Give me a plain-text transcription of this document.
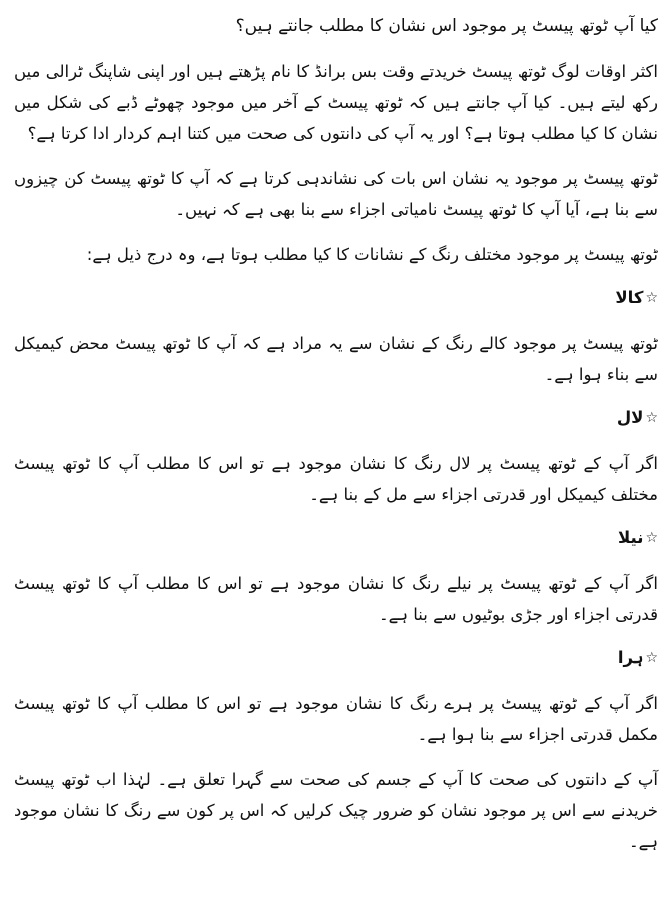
کیا آپ ٹوتھ پیسٹ پر موجود اس نشان کا مطلب جانتے ہیں؟

اکثر اوقات لوگ ٹوتھ پیسٹ خریدتے وقت بس برانڈ کا نام پڑھتے ہیں اور اپنی شاپنگ ٹرالی میں رکھ لیتے ہیں۔ کیا آپ جانتے ہیں کہ ٹوتھ پیسٹ کے آخر میں موجود چھوٹے ڈبے کی شکل میں نشان کا کیا مطلب ہوتا ہے؟ اور یہ آپ کی دانتوں کی صحت میں کتنا اہم کردار ادا کرتا ہے؟

ٹوتھ پیسٹ پر موجود یہ نشان اس بات کی نشاندہی کرتا ہے کہ آپ کا ٹوتھ پیسٹ کن چیزوں سے بنا ہے، آیا آپ کا ٹوتھ پیسٹ نامیاتی اجزاء سے بنا بھی ہے کہ نہیں۔

ٹوتھ پیسٹ پر موجود مختلف رنگ کے نشانات کا کیا مطلب ہوتا ہے، وہ درج ذیل ہے:

☆
کالا

ٹوتھ پیسٹ پر موجود کالے رنگ کے نشان سے یہ مراد ہے کہ آپ کا ٹوتھ پیسٹ محض کیمیکل سے بناء ہوا ہے۔

☆
لال

اگر آپ کے ٹوتھ پیسٹ پر لال رنگ کا نشان موجود ہے تو اس کا مطلب آپ کا ٹوتھ پیسٹ مختلف کیمیکل اور قدرتی اجزاء سے مل کے بنا ہے۔

☆
نیلا

اگر آپ کے ٹوتھ پیسٹ پر نیلے رنگ کا نشان موجود ہے تو اس کا مطلب آپ کا ٹوتھ پیسٹ قدرتی اجزاء اور جڑی بوٹیوں سے بنا ہے۔

☆
ہرا

اگر آپ کے ٹوتھ پیسٹ پر ہرے رنگ کا نشان موجود ہے تو اس کا مطلب آپ کا ٹوتھ پیسٹ مکمل قدرتی اجزاء سے بنا ہوا ہے۔

آپ کے دانتوں کی صحت کا آپ کے جسم کی صحت سے گہرا تعلق ہے۔ لہٰذا اب ٹوتھ پیسٹ خریدنے سے اس پر موجود نشان کو ضرور چیک کرلیں کہ اس پر کون سے رنگ کا نشان موجود ہے۔
